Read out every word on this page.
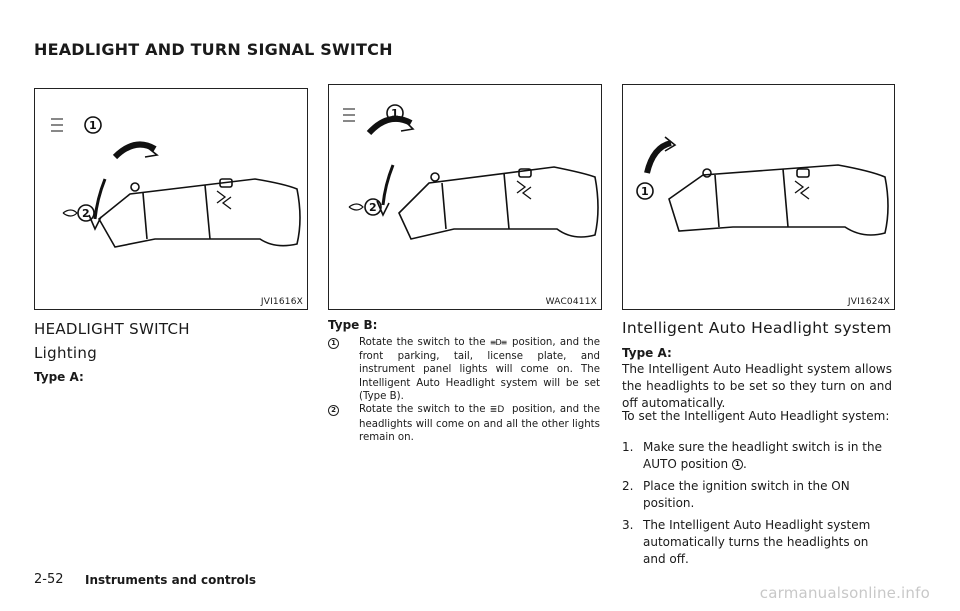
HEADLIGHT AND TURN SIGNAL SWITCH
1
2
JVI1616X
1
2
WAC0411X
1
JVI1624X
HEADLIGHT SWITCH
Lighting
Type A:
Type B:
1	Rotate the switch to the ≡D≡ position, and the front parking, tail, license plate, and instrument panel lights will come on. The Intelligent Auto Headlight system will be set (Type B).
2	Rotate the switch to the ≣D position, and the headlights will come on and all the other lights remain on.
Intelligent Auto Headlight system
Type A:
The Intelligent Auto Headlight system allows the headlights to be set so they turn on and off automatically.
To set the Intelligent Auto Headlight system:
1. Make sure the headlight switch is in the AUTO position 1 .
2. Place the ignition switch in the ON position.
3. The Intelligent Auto Headlight system automatically turns the headlights on and off.
2-52 Instruments and controls
carmanualsonline.info
